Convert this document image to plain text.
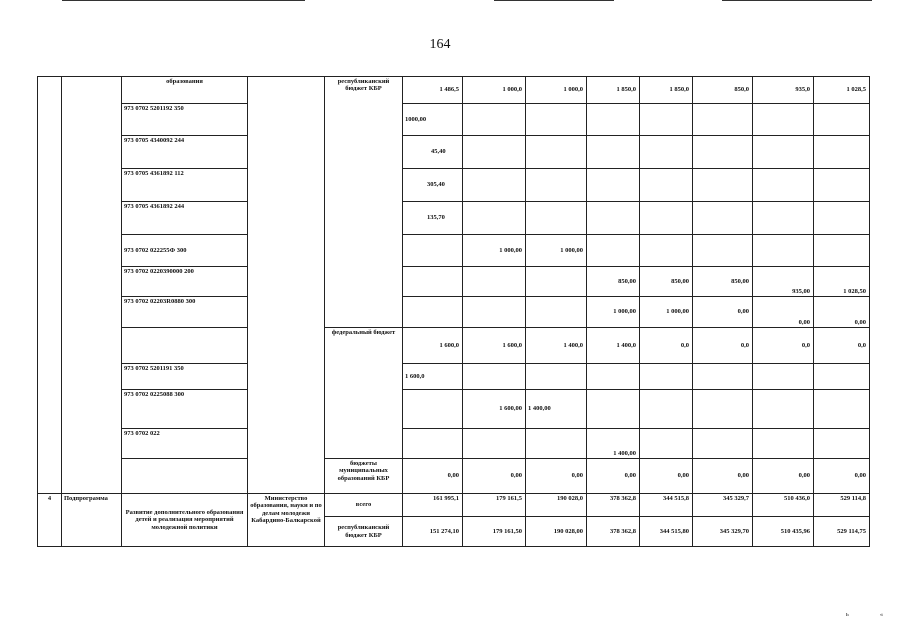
164
		образования		республиканский бюджет КБР	1 486,5	1 000,0	1 000,0	1 850,0	1 850,0	850,0	935,0	1 028,5
		973 0702 5201192 350			1000,00							
		973 0705 4340092 244			45,40							
		973 0705 4361892 112			305,40							
		973 0705 4361892 244			135,70							
		973 0702 022255Ф 300				1 000,00	1 000,00					
		973 0702 0220390000 200						850,00	850,00	850,00	935,00	1 028,50
		973 0702 02203R0880 300						1 000,00	1 000,00	0,00	0,00	0,00
				федеральный бюджет	1 600,0	1 600,0	1 400,0	1 400,0	0,0	0,0	0,0	0,0
		973 0702 5201191 350			1 600,0							
		973 0702 0225088 300				1 600,00	1 400,00					
		973 0702 022						1 400,00				
				бюджеты муниципальных образований КБР	0,00	0,00	0,00	0,00	0,00	0,00	0,00	0,00
4	Подпрограмма	Развитие дополнительного образования детей и реализация мероприятий молодежной политики	Министерство образования, науки и по делам молодежи Кабардино-Балкарской	всего	161 995,1	179 161,5	190 028,0	378 362,8	344 515,8	345 329,7	510 436,0	529 114,8
				республиканский бюджет КБР	151 274,10	179 161,50	190 028,00	378 362,8	344 515,80	345 329,70	510 435,96	529 114,75
ь	«
